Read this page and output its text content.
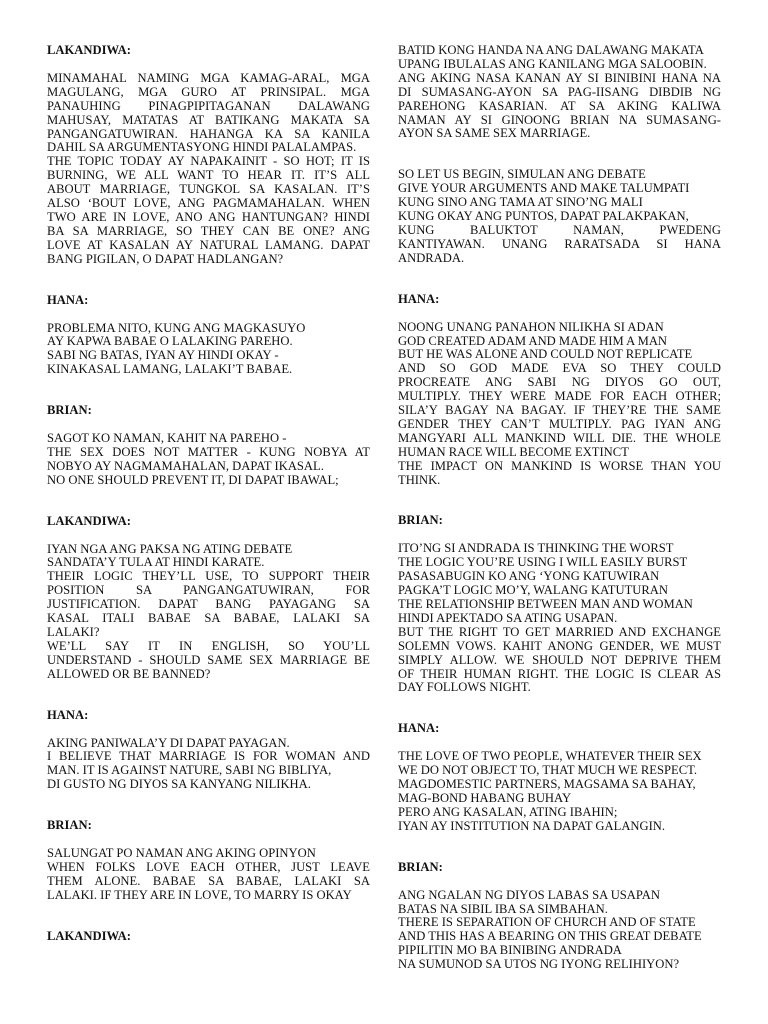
LAKANDIWA:
MINAMAHAL NAMING MGA KAMAG-ARAL, MGA
MAGULANG, MGA GURO AT PRINSIPAL. MGA
PANAUHING PINAGPIPITAGANAN DALAWANG
MAHUSAY, MATATAS AT BATIKANG MAKATA SA
PANGANGATUWIRAN. HAHANGA KA SA KANILA
DAHIL SA ARGUMENTASYONG HINDI PALALAMPAS.
THE TOPIC TODAY AY NAPAKAINIT - SO HOT; IT IS
BURNING, WE ALL WANT TO HEAR IT. IT’S ALL
ABOUT MARRIAGE, TUNGKOL SA KASALAN. IT’S
ALSO ‘BOUT LOVE, ANG PAGMAMAHALAN. WHEN
TWO ARE IN LOVE, ANO ANG HANTUNGAN? HINDI
BA SA MARRIAGE, SO THEY CAN BE ONE? ANG
LOVE AT KASALAN AY NATURAL LAMANG. DAPAT
BANG PIGILAN, O DAPAT HADLANGAN?
HANA:
PROBLEMA NITO, KUNG ANG MAGKASUYO
AY KAPWA BABAE O LALAKING PAREHO.
SABI NG BATAS, IYAN AY HINDI OKAY -
KINAKASAL LAMANG, LALAKI’T BABAE.
BRIAN:
SAGOT KO NAMAN, KAHIT NA PAREHO -
THE SEX DOES NOT MATTER - KUNG NOBYA AT
NOBYO AY NAGMAMAHALAN, DAPAT IKASAL.
NO ONE SHOULD PREVENT IT, DI DAPAT IBAWAL;
LAKANDIWA:
IYAN NGA ANG PAKSA NG ATING DEBATE
SANDATA’Y TULA AT HINDI KARATE.
THEIR LOGIC THEY’LL USE, TO SUPPORT THEIR
POSITION SA PANGANGATUWIRAN, FOR
JUSTIFICATION. DAPAT BANG PAYAGANG SA
KASAL ITALI BABAE SA BABAE, LALAKI SA
LALAKI?
WE’LL SAY IT IN ENGLISH, SO YOU’LL
UNDERSTAND - SHOULD SAME SEX MARRIAGE BE
ALLOWED OR BE BANNED?
HANA:
AKING PANIWALA’Y DI DAPAT PAYAGAN.
I BELIEVE THAT MARRIAGE IS FOR WOMAN AND
MAN. IT IS AGAINST NATURE, SABI NG BIBLIYA,
DI GUSTO NG DIYOS SA KANYANG NILIKHA.
BRIAN:
SALUNGAT PO NAMAN ANG AKING OPINYON
WHEN FOLKS LOVE EACH OTHER, JUST LEAVE
THEM ALONE. BABAE SA BABAE, LALAKI SA
LALAKI. IF THEY ARE IN LOVE, TO MARRY IS OKAY
LAKANDIWA:
BATID KONG HANDA NA ANG DALAWANG MAKATA
UPANG IBULALAS ANG KANILANG MGA SALOOBIN.
ANG AKING NASA KANAN AY SI BINIBINI HANA NA
DI SUMASANG-AYON SA PAG-IISANG DIBDIB NG
PAREHONG KASARIAN. AT SA AKING KALIWA
NAMAN AY SI GINOONG BRIAN NA SUMASANG-
AYON SA SAME SEX MARRIAGE.
SO LET US BEGIN, SIMULAN ANG DEBATE
GIVE YOUR ARGUMENTS AND MAKE TALUMPATI
KUNG SINO ANG TAMA AT SINO’NG MALI
KUNG OKAY ANG PUNTOS, DAPAT PALAKPAKAN,
KUNG BALUKTOT NAMAN, PWEDENG
KANTIYAWAN. UNANG RARATSADA SI HANA
ANDRADA.
HANA:
NOONG UNANG PANAHON NILIKHA SI ADAN
GOD CREATED ADAM AND MADE HIM A MAN
BUT HE WAS ALONE AND COULD NOT REPLICATE
AND SO GOD MADE EVA SO THEY COULD
PROCREATE ANG SABI NG DIYOS GO OUT,
MULTIPLY. THEY WERE MADE FOR EACH OTHER;
SILA’Y BAGAY NA BAGAY. IF THEY’RE THE SAME
GENDER THEY CAN’T MULTIPLY. PAG IYAN ANG
MANGYARI ALL MANKIND WILL DIE. THE WHOLE
HUMAN RACE WILL BECOME EXTINCT
THE IMPACT ON MANKIND IS WORSE THAN YOU
THINK.
BRIAN:
ITO’NG SI ANDRADA IS THINKING THE WORST
THE LOGIC YOU’RE USING I WILL EASILY BURST
PASASABUGIN KO ANG ‘YONG KATUWIRAN
PAGKA’T LOGIC MO’Y, WALANG KATUTURAN
THE RELATIONSHIP BETWEEN MAN AND WOMAN
HINDI APEKTADO SA ATING USAPAN.
BUT THE RIGHT TO GET MARRIED AND EXCHANGE
SOLEMN VOWS. KAHIT ANONG GENDER, WE MUST
SIMPLY ALLOW. WE SHOULD NOT DEPRIVE THEM
OF THEIR HUMAN RIGHT. THE LOGIC IS CLEAR AS
DAY FOLLOWS NIGHT.
HANA:
THE LOVE OF TWO PEOPLE, WHATEVER THEIR SEX
WE DO NOT OBJECT TO, THAT MUCH WE RESPECT.
MAGDOMESTIC PARTNERS, MAGSAMA SA BAHAY,
MAG-BOND HABANG BUHAY
PERO ANG KASALAN, ATING IBAHIN;
IYAN AY INSTITUTION NA DAPAT GALANGIN.
BRIAN:
ANG NGALAN NG DIYOS LABAS SA USAPAN
BATAS NA SIBIL IBA SA SIMBAHAN.
THERE IS SEPARATION OF CHURCH AND OF STATE
AND THIS HAS A BEARING ON THIS GREAT DEBATE
PIPILITIN MO BA BINIBING ANDRADA
NA SUMUNOD SA UTOS NG IYONG RELIHIYON?
